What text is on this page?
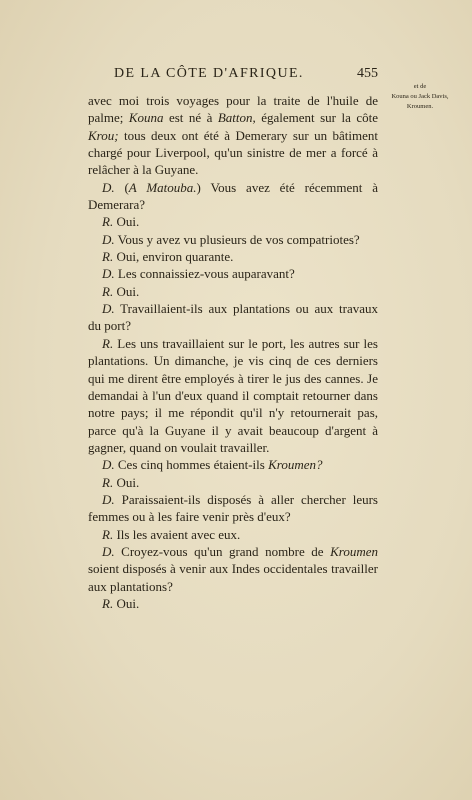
DE LA CÔTE D'AFRIQUE.	455
et de
Kouna ou Jack Davis,
Kroumen.

avec moi trois voyages pour la traite de l'huile de palme; Kouna est né à Batton, également sur la côte Krou; tous deux ont été à Demerary sur un bâtiment chargé pour Liverpool, qu'un sinistre de mer a forcé à relâcher à la Guyane.

D. (A Matouba.) Vous avez été récemment à Demerara?

R. Oui.

D. Vous y avez vu plusieurs de vos compatriotes?

R. Oui, environ quarante.

D. Les connaissiez-vous auparavant?

R. Oui.

D. Travaillaient-ils aux plantations ou aux travaux du port?

R. Les uns travaillaient sur le port, les autres sur les plantations. Un dimanche, je vis cinq de ces derniers qui me dirent être employés à tirer le jus des cannes. Je demandai à l'un d'eux quand il comptait retourner dans notre pays; il me répondit qu'il n'y retournerait pas, parce qu'à la Guyane il y avait beaucoup d'argent à gagner, quand on voulait travailler.

D. Ces cinq hommes étaient-ils Kroumen?

R. Oui.

D. Paraissaient-ils disposés à aller chercher leurs femmes ou à les faire venir près d'eux?

R. Ils les avaient avec eux.

D. Croyez-vous qu'un grand nombre de Kroumen soient disposés à venir aux Indes occidentales travailler aux plantations?

R. Oui.
